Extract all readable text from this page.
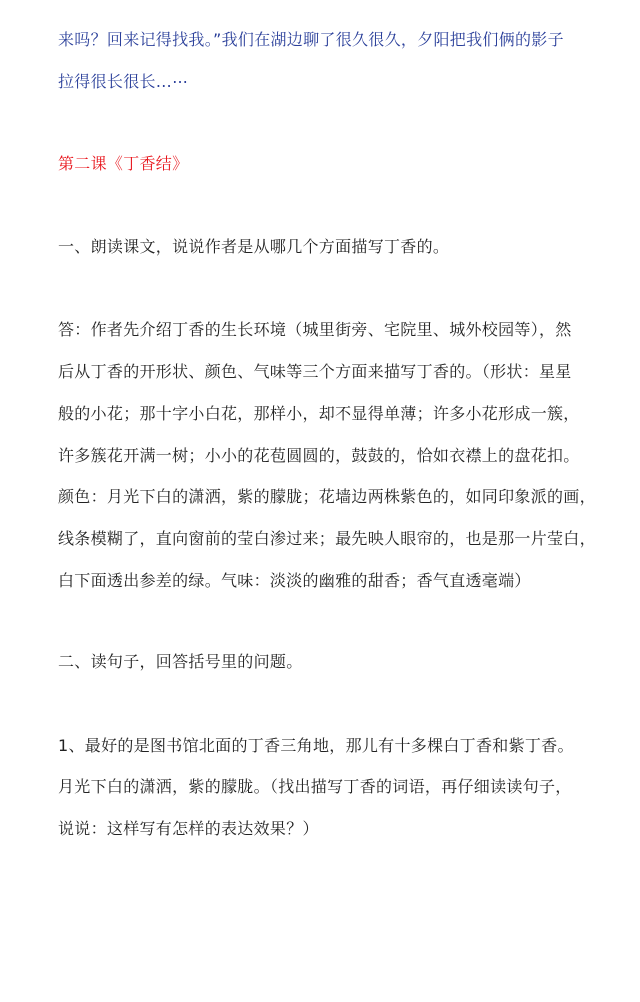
来吗？回来记得找我。”我们在湖边聊了很久很久，夕阳把我们俩的影子
拉得很长很长…⋯
第二课《丁香结》
一、朗读课文，说说作者是从哪几个方面描写丁香的。
答：作者先介绍丁香的生长环境（城里街旁、宅院里、城外校园等），然
后从丁香的开形状、颜色、气味等三个方面来描写丁香的。（形状：星星
般的小花；那十字小白花，那样小，却不显得单薄；许多小花形成一簇，
许多簇花开满一树；小小的花苞圆圆的，鼓鼓的，恰如衣襟上的盘花扣。
颜色：月光下白的潇洒，紫的朦胧；花墙边两株紫色的，如同印象派的画，
线条模糊了，直向窗前的莹白渗过来；最先映人眼帘的，也是那一片莹白，
白下面透出参差的绿。气味：淡淡的幽雅的甜香；香气直透毫端）
二、读句子，回答括号里的问题。
1、最好的是图书馆北面的丁香三角地，那儿有十多棵白丁香和紫丁香。
月光下白的潇洒，紫的朦胧。（找出描写丁香的词语，再仔细读读句子，
说说：这样写有怎样的表达效果？）
